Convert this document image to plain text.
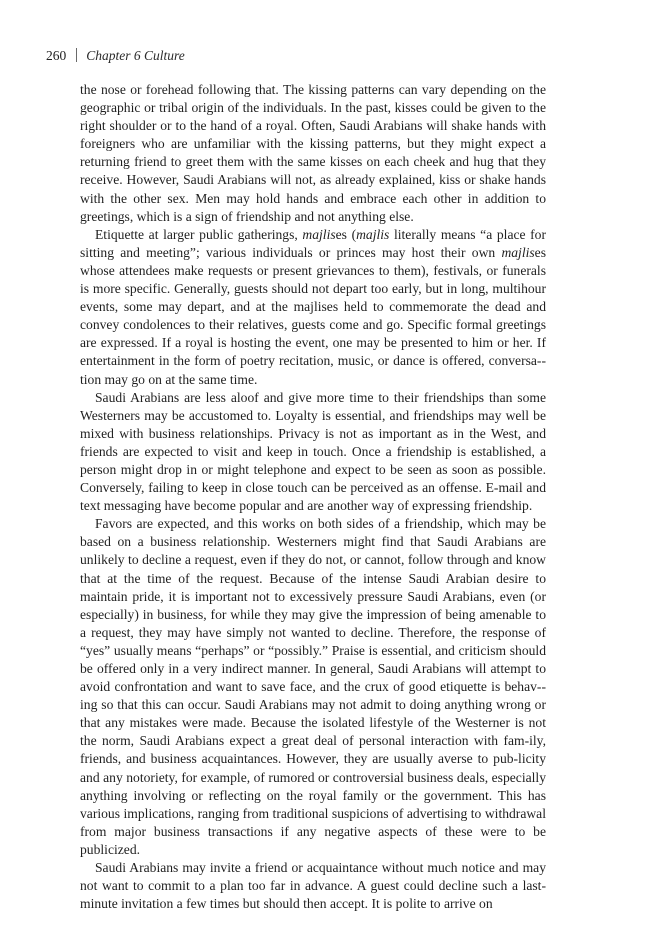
260 Chapter 6 Culture

the nose or forehead following that. The kissing patterns can vary depending on the geographic or tribal origin of the individuals. In the past, kisses could be given to the right shoulder or to the hand of a royal. Often, Saudi Arabians will shake hands with foreigners who are unfamiliar with the kissing patterns, but they might expect a returning friend to greet them with the same kisses on each cheek and hug that they receive. However, Saudi Arabians will not, as already explained, kiss or shake hands with the other sex. Men may hold hands and embrace each other in addition to greetings, which is a sign of friendship and not anything else.

Etiquette at larger public gatherings, majlises (majlis literally means “a place for sitting and meeting”; various individuals or princes may host their own majlises whose attendees make requests or present grievances to them), festivals, or funerals is more specific. Generally, guests should not depart too early, but in long, multihour events, some may depart, and at the majlises held to commemorate the dead and convey condolences to their relatives, guests come and go. Specific formal greetings are expressed. If a royal is hosting the event, one may be presented to him or her. If entertainment in the form of poetry recitation, music, or dance is offered, conversa-tion may go on at the same time.

Saudi Arabians are less aloof and give more time to their friendships than some Westerners may be accustomed to. Loyalty is essential, and friendships may well be mixed with business relationships. Privacy is not as important as in the West, and friends are expected to visit and keep in touch. Once a friendship is established, a person might drop in or might telephone and expect to be seen as soon as possible. Conversely, failing to keep in close touch can be perceived as an offense. E-mail and text messaging have become popular and are another way of expressing friendship.

Favors are expected, and this works on both sides of a friendship, which may be based on a business relationship. Westerners might find that Saudi Arabians are unlikely to decline a request, even if they do not, or cannot, follow through and know that at the time of the request. Because of the intense Saudi Arabian desire to maintain pride, it is important not to excessively pressure Saudi Arabians, even (or especially) in business, for while they may give the impression of being amenable to a request, they may have simply not wanted to decline. Therefore, the response of “yes” usually means “perhaps” or “possibly.” Praise is essential, and criticism should be offered only in a very indirect manner. In general, Saudi Arabians will attempt to avoid confrontation and want to save face, and the crux of good etiquette is behav-ing so that this can occur. Saudi Arabians may not admit to doing anything wrong or that any mistakes were made. Because the isolated lifestyle of the Westerner is not the norm, Saudi Arabians expect a great deal of personal interaction with fam-ily, friends, and business acquaintances. However, they are usually averse to pub-licity and any notoriety, for example, of rumored or controversial business deals, especially anything involving or reflecting on the royal family or the government. This has various implications, ranging from traditional suspicions of advertising to withdrawal from major business transactions if any negative aspects of these were to be publicized.

Saudi Arabians may invite a friend or acquaintance without much notice and may not want to commit to a plan too far in advance. A guest could decline such a last-minute invitation a few times but should then accept. It is polite to arrive on
